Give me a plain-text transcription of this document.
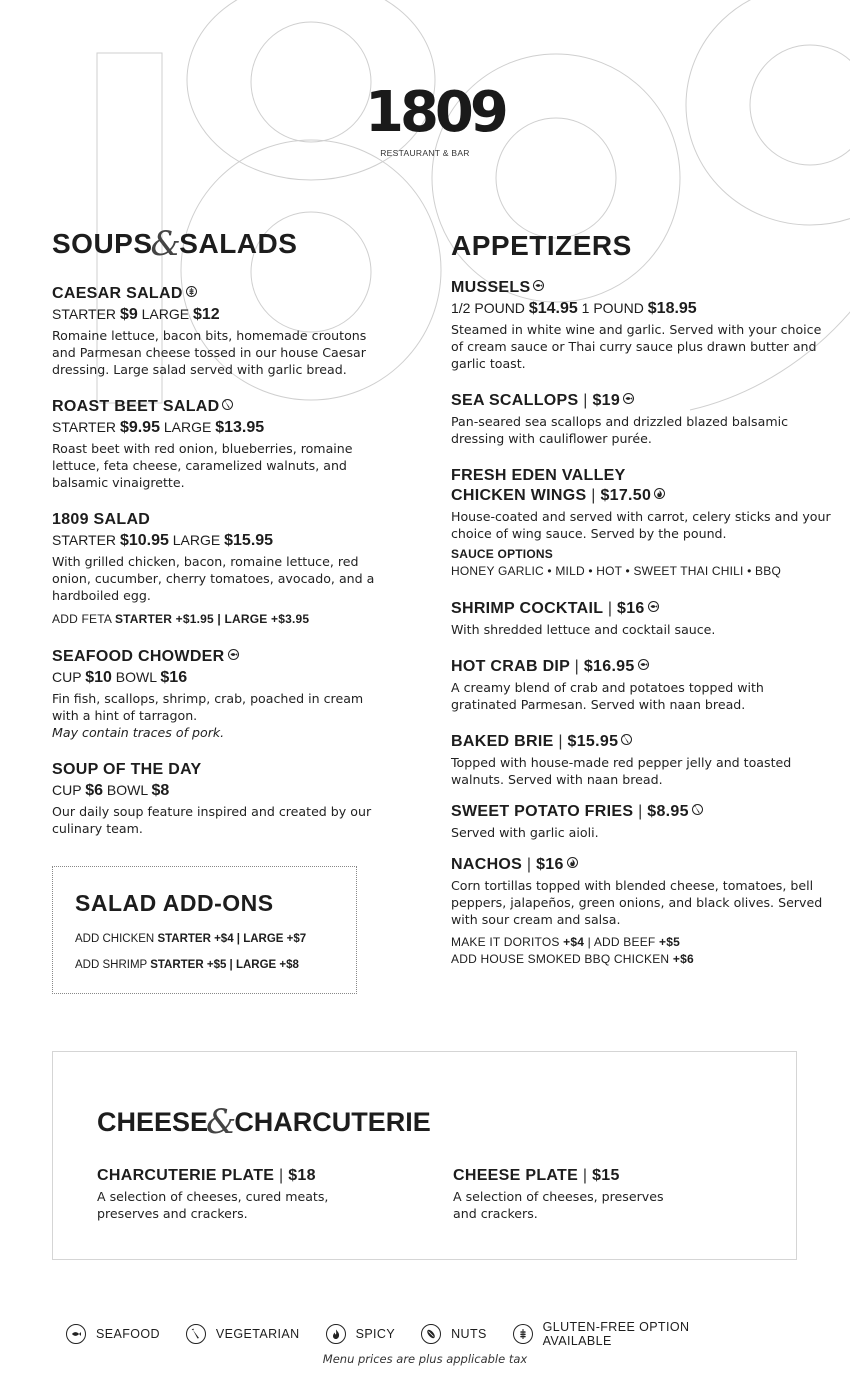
1809
RESTAURANT & BAR
SOUPS&SALADS
CAESAR SALAD
STARTER $9 LARGE $12
Romaine lettuce, bacon bits, homemade croutons and Parmesan cheese tossed in our house Caesar dressing. Large salad served with garlic bread.
ROAST BEET SALAD
STARTER $9.95 LARGE $13.95
Roast beet with red onion, blueberries, romaine lettuce, feta cheese, caramelized walnuts, and balsamic vinaigrette.
1809 SALAD
STARTER $10.95 LARGE $15.95
With grilled chicken, bacon, romaine lettuce, red onion, cucumber, cherry tomatoes, avocado, and a hardboiled egg.
ADD FETA STARTER +$1.95 | LARGE +$3.95
SEAFOOD CHOWDER
CUP $10 BOWL $16
Fin fish, scallops, shrimp, crab, poached in cream with a hint of tarragon.
May contain traces of pork.
SOUP OF THE DAY
CUP $6 BOWL $8
Our daily soup feature inspired and created by our culinary team.
SALAD ADD-ONS
ADD CHICKEN STARTER +$4 | LARGE +$7
ADD SHRIMP STARTER +$5 | LARGE +$8
APPETIZERS
MUSSELS
1/2 POUND $14.95 1 POUND $18.95
Steamed in white wine and garlic. Served with your choice of cream sauce or Thai curry sauce plus drawn butter and garlic toast.
SEA SCALLOPS | $19
Pan-seared sea scallops and drizzled blazed balsamic dressing with cauliflower purée.
FRESH EDEN VALLEY
CHICKEN WINGS | $17.50
House-coated and served with carrot, celery sticks and your choice of wing sauce. Served by the pound.
SAUCE OPTIONS
HONEY GARLIC • MILD • HOT • SWEET THAI CHILI • BBQ
SHRIMP COCKTAIL | $16
With shredded lettuce and cocktail sauce.
HOT CRAB DIP | $16.95
A creamy blend of crab and potatoes topped with gratinated Parmesan. Served with naan bread.
BAKED BRIE | $15.95
Topped with house-made red pepper jelly and toasted walnuts. Served with naan bread.
SWEET POTATO FRIES | $8.95
Served with garlic aioli.
NACHOS | $16
Corn tortillas topped with blended cheese, tomatoes, bell peppers, jalapeños, green onions, and black olives. Served with sour cream and salsa.
MAKE IT DORITOS +$4 | ADD BEEF +$5
ADD HOUSE SMOKED BBQ CHICKEN +$6
CHEESE&CHARCUTERIE
CHARCUTERIE PLATE | $18
A selection of cheeses, cured meats, preserves and crackers.
CHEESE PLATE | $15
A selection of cheeses, preserves and crackers.
SEAFOOD	VEGETARIAN	SPICY	NUTS	GLUTEN-FREE OPTION AVAILABLE
Menu prices are plus applicable tax
